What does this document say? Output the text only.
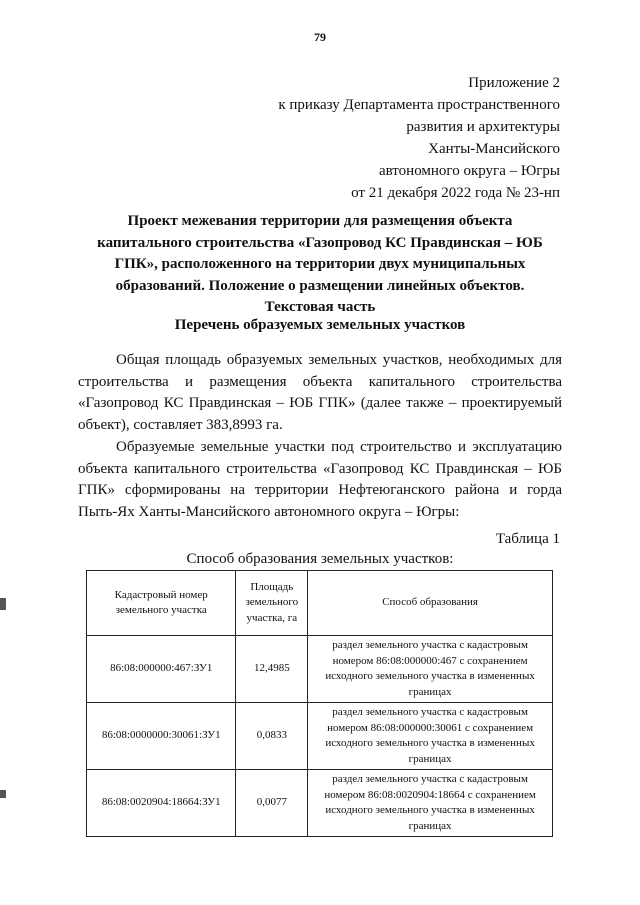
79
Приложение 2
к приказу Департамента пространственного
развития и архитектуры
Ханты-Мансийского
автономного округа – Югры
от 21 декабря 2022 года № 23-нп
Проект межевания территории для размещения объекта
капитального строительства «Газопровод КС Правдинская – ЮБ
ГПК», расположенного на территории двух муниципальных
образований. Положение о размещении линейных объектов.
Текстовая часть
Перечень образуемых земельных участков

Общая площадь образуемых земельных участков, необходимых для строительства и размещения объекта капитального строительства «Газопровод КС Правдинская – ЮБ ГПК» (далее также – проектируемый объект), составляет 383,8993 га.

Образуемые земельные участки под строительство и эксплуатацию объекта капитального строительства «Газопровод КС Правдинская – ЮБ ГПК» сформированы на территории Нефтеюганского района и горда Пыть-Ях Ханты-Мансийского автономного округа – Югры:

Таблица 1
Способ образования земельных участков:
Кадастровый номер земельного участка	Площадь земельного участка, га	Способ образования
86:08:000000:467:ЗУ1	12,4985	раздел земельного участка с кадастровым номером 86:08:000000:467 с сохранением исходного земельного участка в измененных границах
86:08:0000000:30061:ЗУ1	0,0833	раздел земельного участка с кадастровым номером 86:08:000000:30061 с сохранением исходного земельного участка в измененных границах
86:08:0020904:18664:ЗУ1	0,0077	раздел земельного участка с кадастровым номером 86:08:0020904:18664 с сохранением исходного земельного участка в измененных границах
